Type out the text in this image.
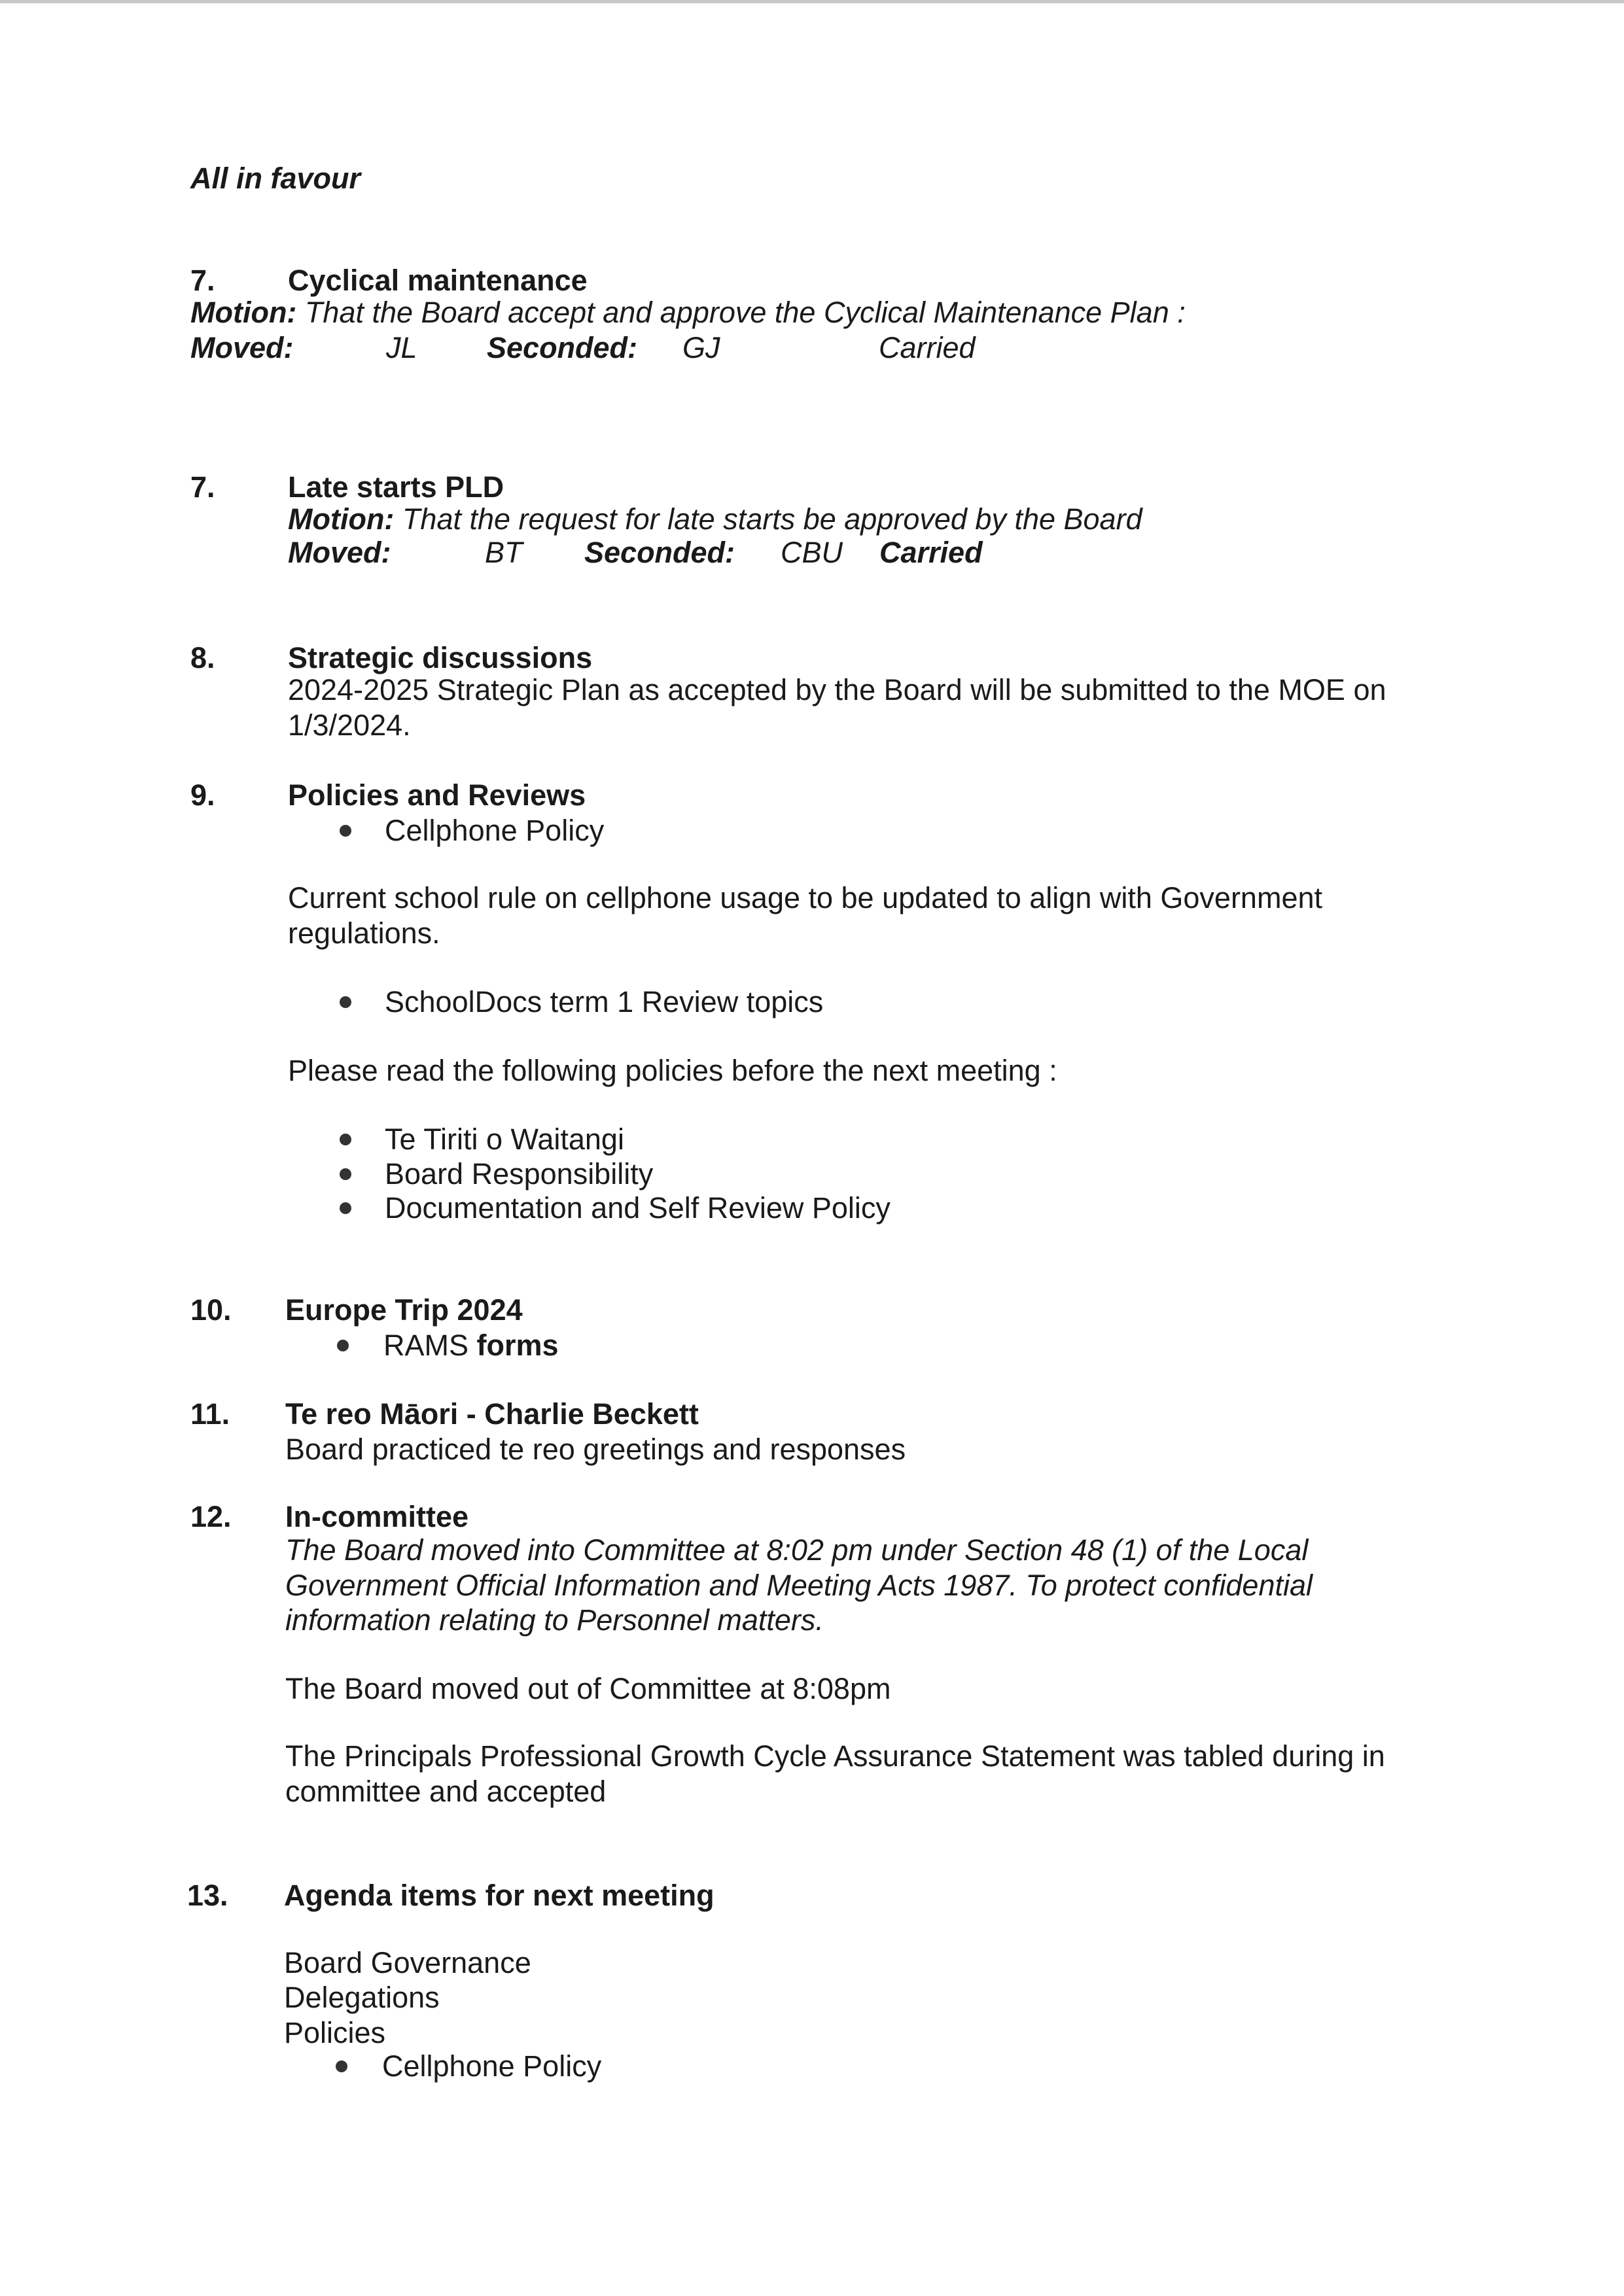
All in favour
7. Cyclical maintenance
Motion: That the Board accept and approve the Cyclical Maintenance Plan :
Moved:	JL Seconded: GJ	Carried
7. Late starts PLD
Motion: That the request for late starts be approved by the Board
Moved:	BT Seconded: CBU Carried
8. Strategic discussions
2024-2025 Strategic Plan as accepted by the Board will be submitted to the MOE on
1/3/2024.
9. Policies and Reviews
Cellphone Policy
Current school rule on cellphone usage to be updated to align with Government
regulations.
SchoolDocs term 1 Review topics
Please read the following policies before the next meeting :
Te Tiriti o Waitangi
Board Responsibility
Documentation and Self Review Policy
10. Europe Trip 2024
RAMS forms
11. Te reo Māori - Charlie Beckett
Board practiced te reo greetings and responses
12. In-committee
The Board moved into Committee at 8:02 pm under Section 48 (1) of the Local
Government Official Information and Meeting Acts 1987. To protect confidential
information relating to Personnel matters.
The Board moved out of Committee at 8:08pm
The Principals Professional Growth Cycle Assurance Statement was tabled during in
committee and accepted
13. Agenda items for next meeting
Board Governance
Delegations
Policies
Cellphone Policy
